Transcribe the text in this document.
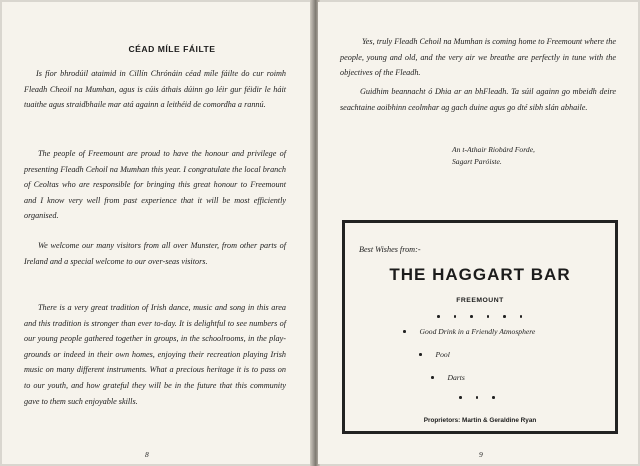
CÉAD MÍLE FÁILTE

Is fíor bhrodúil ataimid in Cillín Chrónáin céad míle fáilte do cur roimh Fleadh Cheoil na Mumhan, agus is cúis áthais dúinn go léir gur féidir le háit tuaithe agus straidbhaile mar atá againn a leithéid de comordha a rannú.

The people of Freemount are proud to have the honour and privilege of presenting Fleadh Cehoil na Mumhan this year. I congratulate the local branch of Ceoltas who are responsible for bringing this great honour to Freemount and I know very well from past experience that it will be most efficiently organised.

We welcome our many visitors from all over Munster, from other parts of Ireland and a special welcome to our over-seas visitors.

There is a very great tradition of Irish dance, music and song in this area and this tradition is stronger than ever to-day. It is delightful to see numbers of our young people gathered together in groups, in the schoolrooms, in the play-grounds or indeed in their own homes, enjoying their recreation playing Irish music on many different instruments. What a precious heritage it is to pass on to our youth, and how grateful they will be in the future that this community gave to them such enjoyable skills.

8

Yes, truly Fleadh Cehoil na Mumhan is coming home to Freemount where the people, young and old, and the very air we breathe are perfectly in tune with the objectives of the Fleadh.

Guidhim beannacht ó Dhia ar an bhFleadh. Ta súil againn go mbeidh deire seachtaine aoibhinn ceolmhar ag gach duine agus go dté sibh slán abhaile.

An t-Athair Riobárd Forde,
Sagart Paróiste.
Best Wishes from:-
THE HAGGART BAR
FREEMOUNT
Good Drink in a Friendly Atmosphere
Pool
Darts
Proprietors: Martin & Geraldine Ryan
9
